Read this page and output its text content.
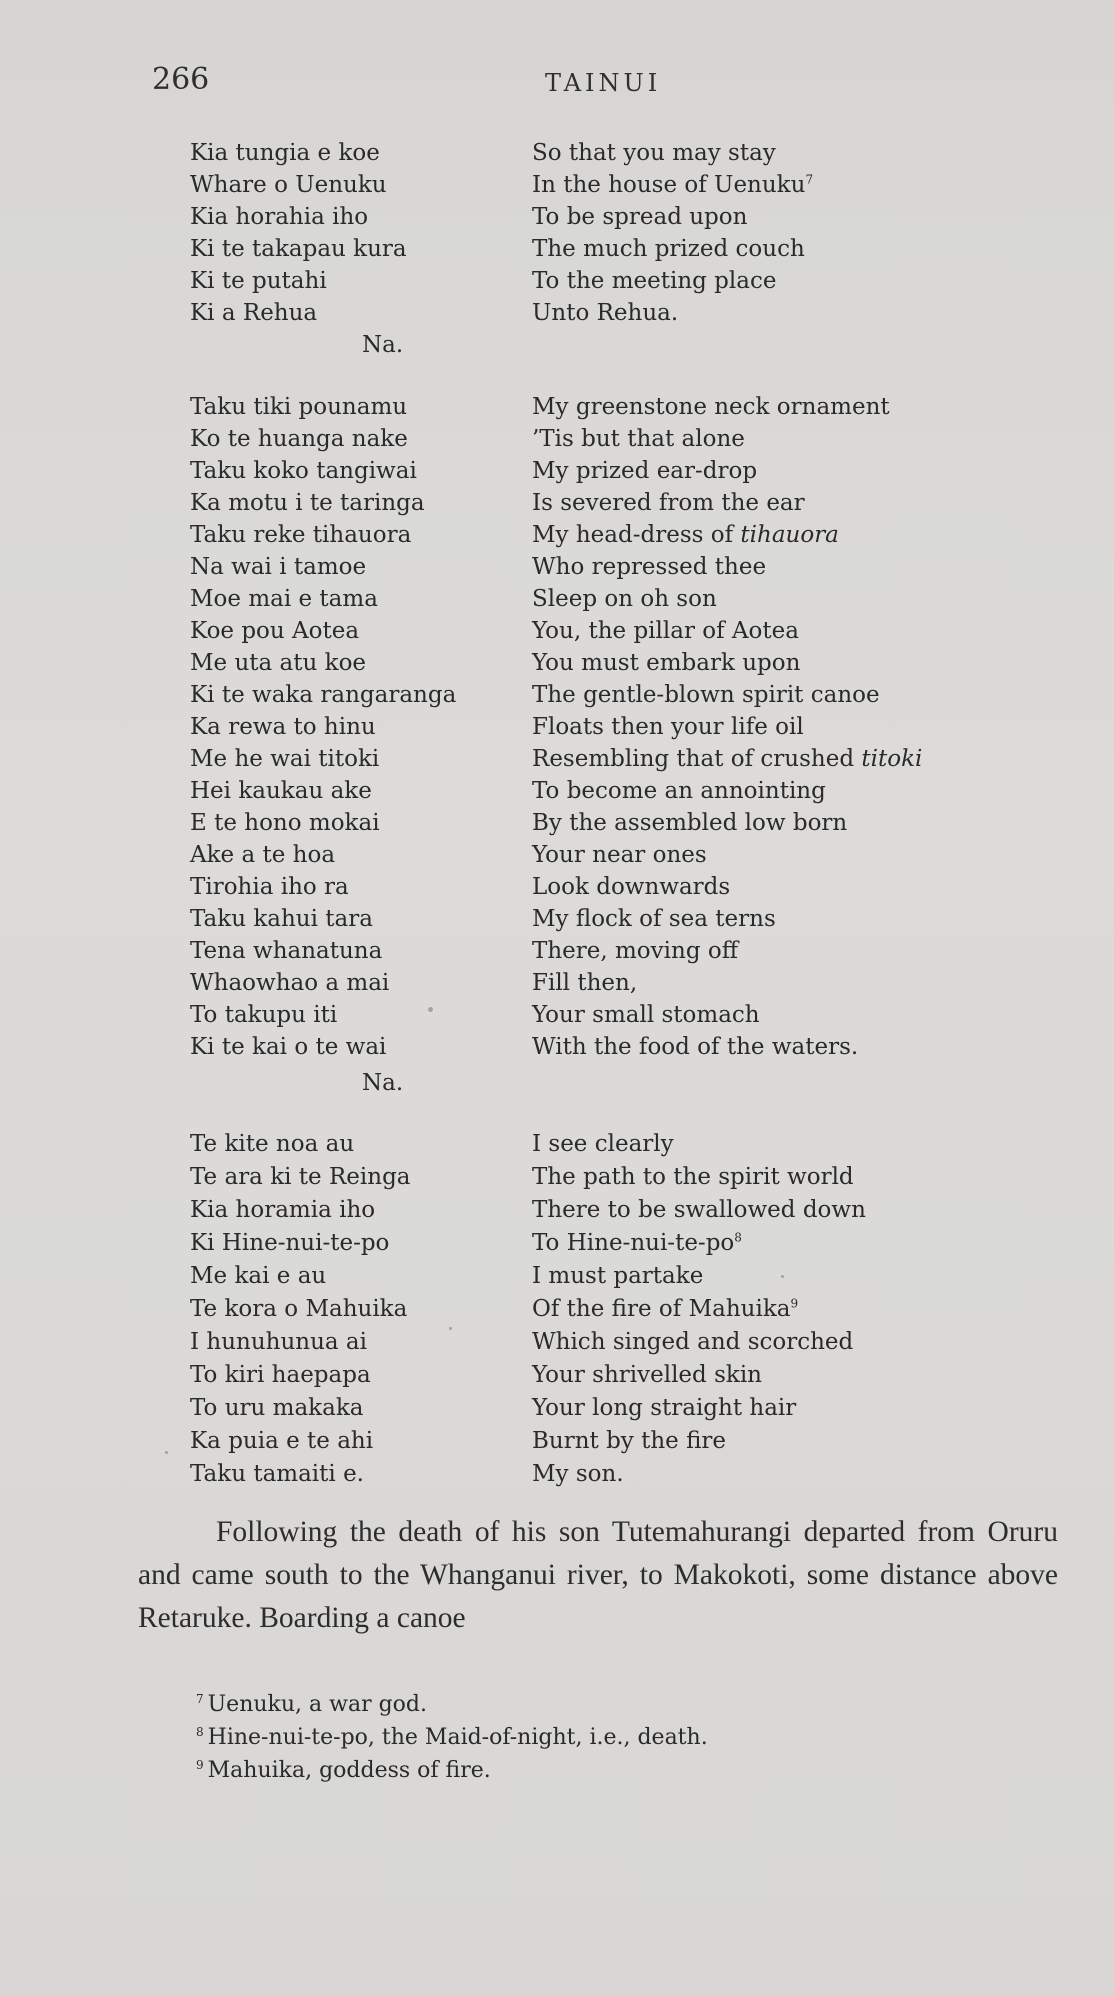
266	TAINUI
Kia tungia e koe	So that you may stay
Whare o Uenuku	In the house of Uenuku$^7$
Kia horahia iho	To be spread upon
Ki te takapau kura	The much prized couch
Ki te putahi	To the meeting place
Ki a Rehua	Unto Rehua.
Na.
Taku tiki pounamu	My greenstone neck ornament
Ko te huanga nake	’Tis but that alone
Taku koko tangiwai	My prized ear-drop
Ka motu i te taringa	Is severed from the ear
Taku reke tihauora	My head-dress of tihauora
Na wai i tamoe	Who repressed thee
Moe mai e tama	Sleep on oh son
Koe pou Aotea	You, the pillar of Aotea
Me uta atu koe	You must embark upon
Ki te waka rangaranga	The gentle-blown spirit canoe
Ka rewa to hinu	Floats then your life oil
Me he wai titoki	Resembling that of crushed titoki
Hei kaukau ake	To become an annointing
E te hono mokai	By the assembled low born
Ake a te hoa	Your near ones
Tirohia iho ra	Look downwards
Taku kahui tara	My flock of sea terns
Tena whanatuna	There, moving off
Whaowhao a mai	Fill then,
To takupu iti	Your small stomach
Ki te kai o te wai	With the food of the waters.
Na.
Te kite noa au	I see clearly
Te ara ki te Reinga	The path to the spirit world
Kia horamia iho	There to be swallowed down
Ki Hine-nui-te-po	To Hine-$nui-te-po^8$
Me kai e au	I must partake
Te kora o Mahuika	Of the fire of Mahuika$^9$
I hunuhunua ai	Which singed and scorched
To kiri haepapa	Your shrivelled skin
To uru makaka	Your long straight hair
Ka puia e te ahi	Burnt by the fire
Taku tamaiti e.	My son.
Following the death of his son Tutemahurangi departed from Oruru and came south to the Whanganui river, to Makokoti, some distance above Retaruke. Boarding a canoe
$^7$ Uenuku, a war god.
$^8$ Hine-nui-te-po, the Maid-of-night, i.e., death.
$^9$ Mahuika, goddess of fire.
